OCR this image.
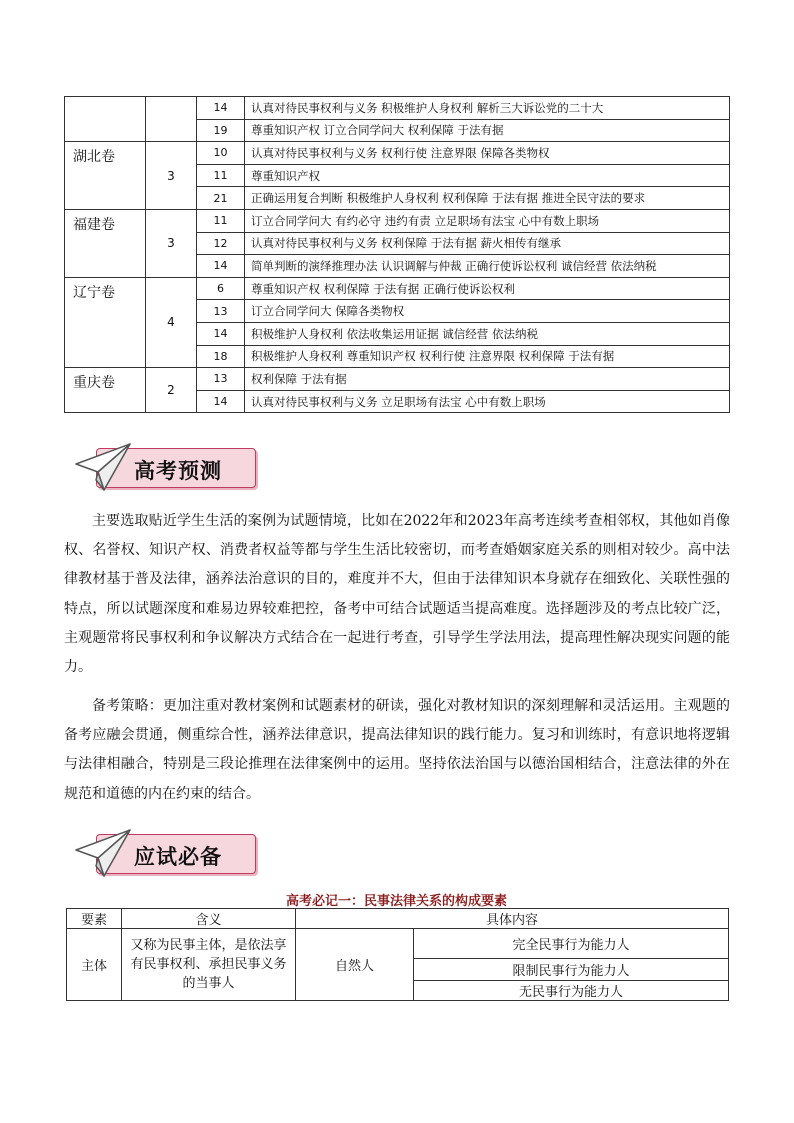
		14	认真对待民事权利与义务 积极维护人身权利 解析三大诉讼党的二十大
		19	尊重知识产权 订立合同学问大 权利保障 于法有据
湖北卷	3	10	认真对待民事权利与义务 权利行使 注意界限 保障各类物权
		11	尊重知识产权
		21	正确运用复合判断 积极维护人身权利 权利保障 于法有据 推进全民守法的要求
福建卷	3	11	订立合同学问大 有约必守 违约有责 立足职场有法宝 心中有数上职场
		12	认真对待民事权利与义务 权利保障 于法有据 薪火相传有继承
		14	简单判断的演绎推理办法 认识调解与仲裁 正确行使诉讼权利 诚信经营 依法纳税
辽宁卷	4	6	尊重知识产权 权利保障 于法有据 正确行使诉讼权利
		13	订立合同学问大 保障各类物权
		14	积极维护人身权利 依法收集运用证据 诚信经营 依法纳税
		18	积极维护人身权利 尊重知识产权 权利行使 注意界限 权利保障 于法有据
重庆卷	2	13	权利保障 于法有据
		14	认真对待民事权利与义务 立足职场有法宝 心中有数上职场
高考预测

主要选取贴近学生生活的案例为试题情境，比如在2022年和2023年高考连续考查相邻权，其他如肖像权、名誉权、知识产权、消费者权益等都与学生生活比较密切，而考查婚姻家庭关系的则相对较少。高中法律教材基于普及法律，涵养法治意识的目的，难度并不大，但由于法律知识本身就存在细致化、关联性强的特点，所以试题深度和难易边界较难把控，备考中可结合试题适当提高难度。选择题涉及的考点比较广泛，主观题常将民事权利和争议解决方式结合在一起进行考查，引导学生学法用法，提高理性解决现实问题的能力。

备考策略：更加注重对教材案例和试题素材的研读，强化对教材知识的深刻理解和灵活运用。主观题的备考应融会贯通，侧重综合性，涵养法律意识，提高法律知识的践行能力。复习和训练时，有意识地将逻辑与法律相融合，特别是三段论推理在法律案例中的运用。坚持依法治国与以德治国相结合，注意法律的外在规范和道德的内在约束的结合。

应试必备
高考必记一：民事法律关系的构成要素
要素	含义	具体内容	
主体	又称为民事主体，是依法享有民事权利、承担民事义务的当事人	自然人	完全民事行为能力人
			限制民事行为能力人
			无民事行为能力人
